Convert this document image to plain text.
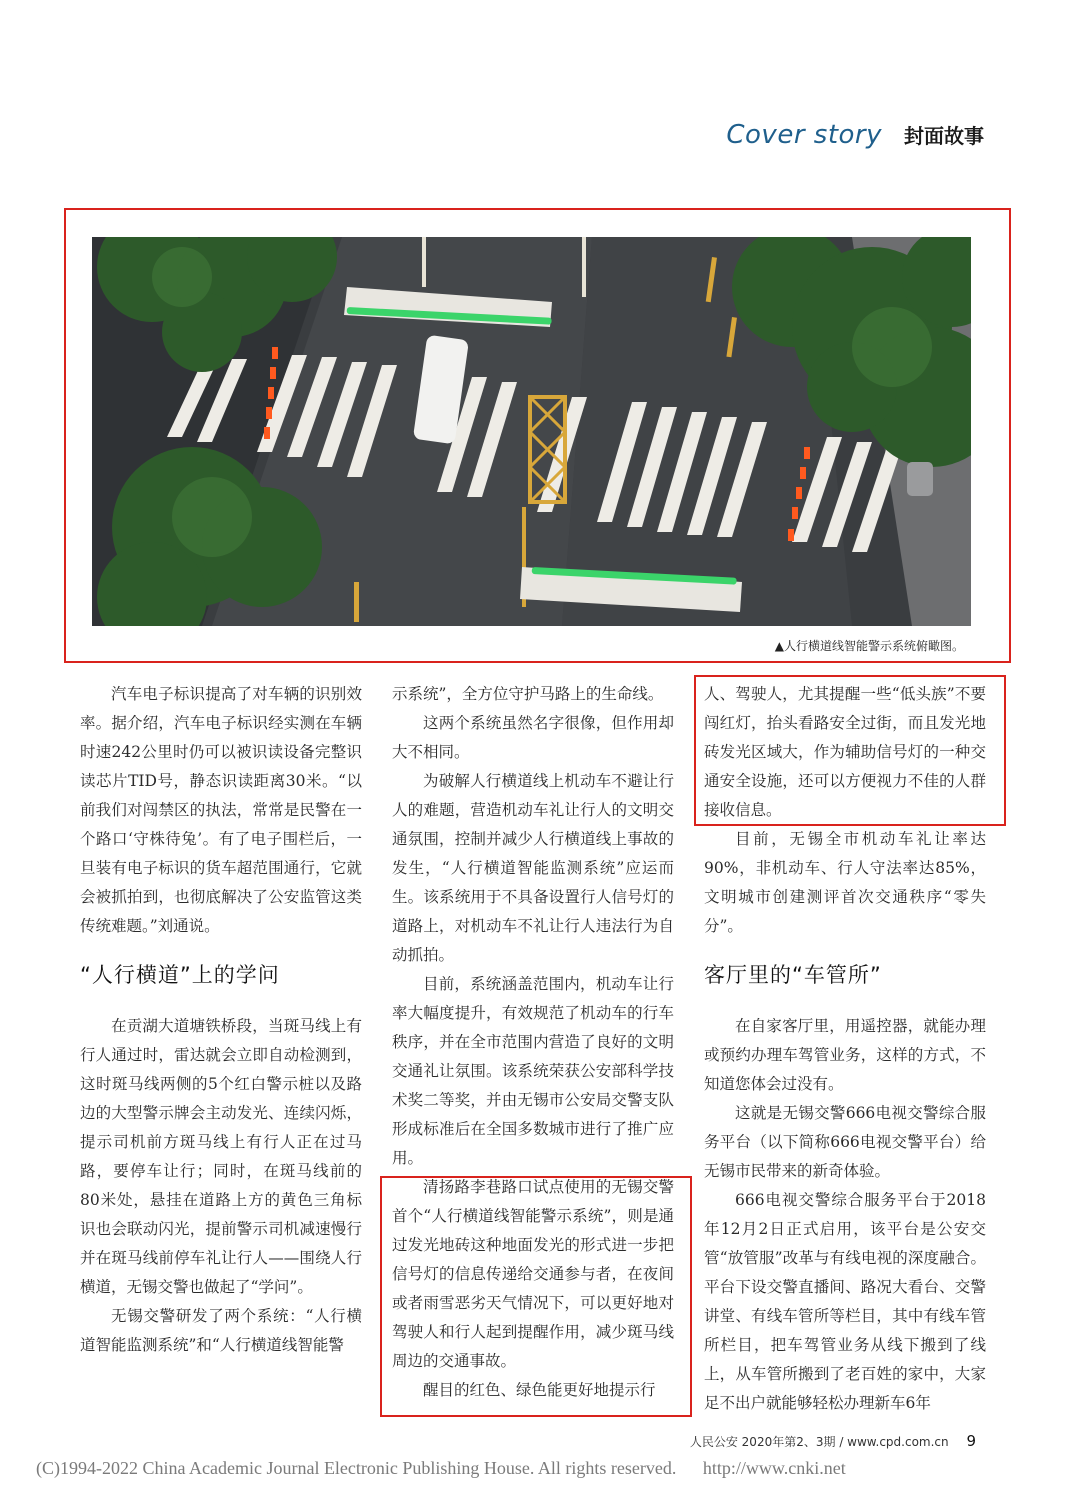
Cover story 封面故事
▲人行横道线智能警示系统俯瞰图。

汽车电子标识提高了对车辆的识别效率。据介绍，汽车电子标识经实测在车辆时速242公里时仍可以被识读设备完整识读芯片TID号，静态识读距离30米。“以前我们对闯禁区的执法，常常是民警在一个路口‘守株待兔’。有了电子围栏后，一旦装有电子标识的货车超范围通行，它就会被抓拍到，也彻底解决了公安监管这类传统难题。”刘通说。

“人行横道”上的学问

在贡湖大道塘铁桥段，当斑马线上有行人通过时，雷达就会立即自动检测到，这时斑马线两侧的5个红白警示桩以及路边的大型警示牌会主动发光、连续闪烁，提示司机前方斑马线上有行人正在过马路，要停车让行；同时，在斑马线前的80米处，悬挂在道路上方的黄色三角标识也会联动闪光，提前警示司机减速慢行并在斑马线前停车礼让行人——围绕人行横道，无锡交警也做起了“学问”。

无锡交警研发了两个系统：“人行横道智能监测系统”和“人行横道线智能警

示系统”，全方位守护马路上的生命线。

这两个系统虽然名字很像，但作用却大不相同。

为破解人行横道线上机动车不避让行人的难题，营造机动车礼让行人的文明交通氛围，控制并减少人行横道线上事故的发生，“人行横道智能监测系统”应运而生。该系统用于不具备设置行人信号灯的道路上，对机动车不礼让行人违法行为自动抓拍。

目前，系统涵盖范围内，机动车让行率大幅度提升，有效规范了机动车的行车秩序，并在全市范围内营造了良好的文明交通礼让氛围。该系统荣获公安部科学技术奖二等奖，并由无锡市公安局交警支队形成标准后在全国多数城市进行了推广应用。

清扬路李巷路口试点使用的无锡交警首个“人行横道线智能警示系统”，则是通过发光地砖这种地面发光的形式进一步把信号灯的信息传递给交通参与者，在夜间或者雨雪恶劣天气情况下，可以更好地对驾驶人和行人起到提醒作用，减少斑马线周边的交通事故。

醒目的红色、绿色能更好地提示行

人、驾驶人，尤其提醒一些“低头族”不要闯红灯，抬头看路安全过街，而且发光地砖发光区域大，作为辅助信号灯的一种交通安全设施，还可以方便视力不佳的人群接收信息。

目前，无锡全市机动车礼让率达90%，非机动车、行人守法率达85%，文明城市创建测评首次交通秩序“零失分”。

客厅里的“车管所”

在自家客厅里，用遥控器，就能办理或预约办理车驾管业务，这样的方式，不知道您体会过没有。

这就是无锡交警666电视交警综合服务平台（以下简称666电视交警平台）给无锡市民带来的新奇体验。

666电视交警综合服务平台于2018年12月2日正式启用，该平台是公安交管“放管服”改革与有线电视的深度融合。平台下设交警直播间、路况大看台、交警讲堂、有线车管所等栏目，其中有线车管所栏目，把车驾管业务从线下搬到了线上，从车管所搬到了老百姓的家中，大家足不出户就能够轻松办理新车6年

人民公安 2020年第2、3期 / www.cpd.com.cn 9
(C)1994-2022 China Academic Journal Electronic Publishing House. All rights reserved. http://www.cnki.net
